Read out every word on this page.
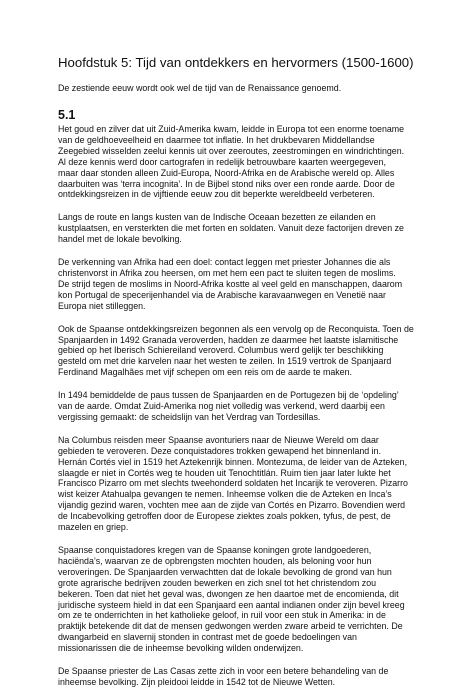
Hoofdstuk 5: Tijd van ontdekkers en hervormers (1500-1600)

De zestiende eeuw wordt ook wel de tijd van de Renaissance genoemd.

5.1

Het goud en zilver dat uit Zuid-Amerika kwam, leidde in Europa tot een enorme toename
van de geldhoeveelheid en daarmee tot inflatie. In het drukbevaren Middellandse
Zeegebied wisselden zeelui kennis uit over zeeroutes, zeestromingen en windrichtingen.
Al deze kennis werd door cartografen in redelijk betrouwbare kaarten weergegeven,
maar daar stonden alleen Zuid-Europa, Noord-Afrika en de Arabische wereld op. Alles
daarbuiten was ‘terra incognita’. In de Bijbel stond niks over een ronde aarde. Door de
ontdekkingsreizen in de vijftiende eeuw zou dit beperkte wereldbeeld verbeteren.

Langs de route en langs kusten van de Indische Oceaan bezetten ze eilanden en
kustplaatsen, en versterkten die met forten en soldaten. Vanuit deze factorijen dreven ze
handel met de lokale bevolking.

De verkenning van Afrika had een doel: contact leggen met priester Johannes die als
christenvorst in Afrika zou heersen, om met hem een pact te sluiten tegen de moslims.
De strijd tegen de moslims in Noord-Afrika kostte al veel geld en manschappen, daarom
kon Portugal de specerijenhandel via de Arabische karavaanwegen en Venetië naar
Europa niet stilleggen.

Ook de Spaanse ontdekkingsreizen begonnen als een vervolg op de Reconquista. Toen de
Spanjaarden in 1492 Granada veroverden, hadden ze daarmee het laatste islamitische
gebied op het Iberisch Schiereiland veroverd. Columbus werd gelijk ter beschikking
gesteld om met drie karvelen naar het westen te zeilen. In 1519 vertrok de Spanjaard
Ferdinand Magalhães met vijf schepen om een reis om de aarde te maken.

In 1494 bemiddelde de paus tussen de Spanjaarden en de Portugezen bij de ‘opdeling’
van de aarde. Omdat Zuid-Amerika nog niet volledig was verkend, werd daarbij een
vergissing gemaakt: de scheidslijn van het Verdrag van Tordesillas.

Na Columbus reisden meer Spaanse avonturiers naar de Nieuwe Wereld om daar
gebieden te veroveren. Deze conquistadores trokken gewapend het binnenland in.
Hernán Cortés viel in 1519 het Aztekenrijk binnen. Montezuma, de leider van de Azteken,
slaagde er niet in Cortés weg te houden uit Tenochtitlán. Ruim tien jaar later lukte het
Francisco Pizarro om met slechts tweehonderd soldaten het Incarijk te veroveren. Pizarro
wist keizer Atahualpa gevangen te nemen. Inheemse volken die de Azteken en Inca’s
vijandig gezind waren, vochten mee aan de zijde van Cortés en Pizarro. Bovendien werd
de Incabevolking getroffen door de Europese ziektes zoals pokken, tyfus, de pest, de
mazelen en griep.

Spaanse conquistadores kregen van de Spaanse koningen grote landgoederen,
haciënda’s, waarvan ze de opbrengsten mochten houden, als beloning voor hun
veroveringen. De Spanjaarden verwachtten dat de lokale bevolking de grond van hun
grote agrarische bedrijven zouden bewerken en zich snel tot het christendom zou
bekeren. Toen dat niet het geval was, dwongen ze hen daartoe met de encomienda, dit
juridische systeem hield in dat een Spanjaard een aantal indianen onder zijn bevel kreeg
om ze te onderrichten in het katholieke geloof, in ruil voor een stuk in Amerika: in de
praktijk betekende dit dat de mensen gedwongen werden zware arbeid te verrichten. De
dwangarbeid en slavernij stonden in contrast met de goede bedoelingen van
missionarissen die de inheemse bevolking wilden onderwijzen.

De Spaanse priester de Las Casas zette zich in voor een betere behandeling van de
inheemse bevolking. Zijn pleidooi leidde in 1542 tot de Nieuwe Wetten.
